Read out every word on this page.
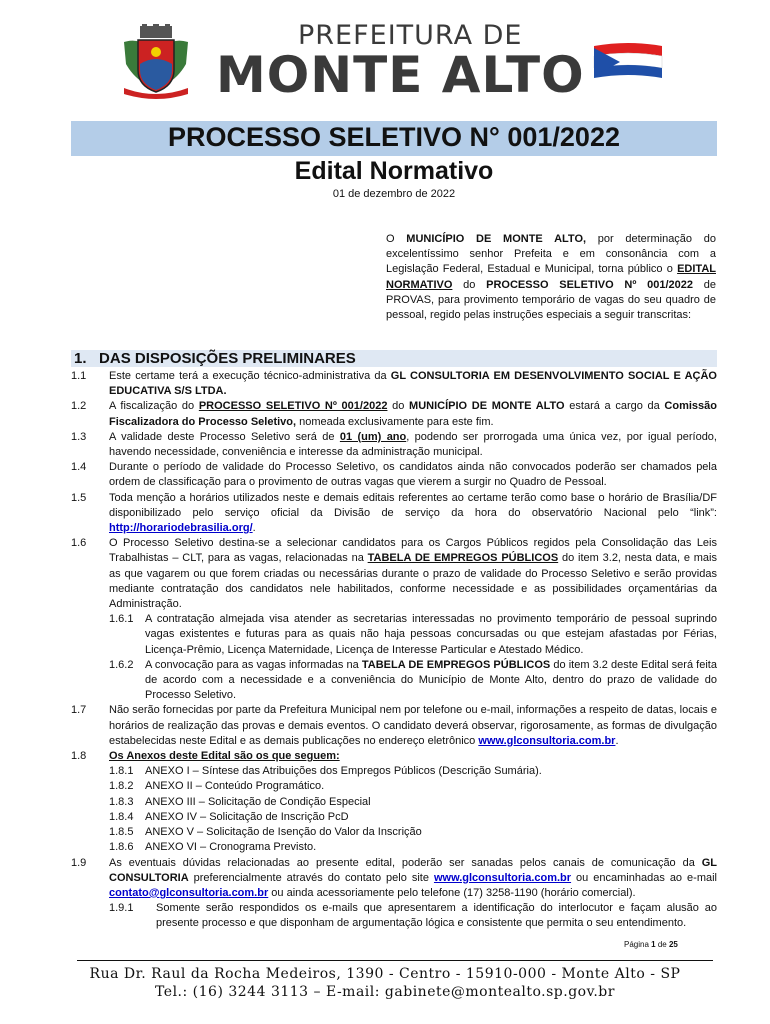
PREFEITURA DE
MONTE ALTO
PROCESSO SELETIVO N° 001/2022
Edital Normativo
01 de dezembro de 2022
O MUNICÍPIO DE MONTE ALTO, por determinação do excelentíssimo senhor Prefeita e em consonância com a Legislação Federal, Estadual e Municipal, torna público o EDITAL NORMATIVO do PROCESSO SELETIVO Nº 001/2022 de PROVAS, para provimento temporário de vagas do seu quadro de pessoal, regido pelas instruções especiais a seguir transcritas:
1. DAS DISPOSIÇÕES PRELIMINARES
1.1	Este certame terá a execução técnico-administrativa da GL CONSULTORIA EM DESENVOLVIMENTO SOCIAL E AÇÃO EDUCATIVA S/S LTDA.
1.2	A fiscalização do PROCESSO SELETIVO Nº 001/2022 do MUNICÍPIO DE MONTE ALTO estará a cargo da Comissão Fiscalizadora do Processo Seletivo, nomeada exclusivamente para este fim.
1.3	A validade deste Processo Seletivo será de 01 (um) ano, podendo ser prorrogada uma única vez, por igual período, havendo necessidade, conveniência e interesse da administração municipal.
1.4	Durante o período de validade do Processo Seletivo, os candidatos ainda não convocados poderão ser chamados pela ordem de classificação para o provimento de outras vagas que vierem a surgir no Quadro de Pessoal.
1.5	Toda menção a horários utilizados neste e demais editais referentes ao certame terão como base o horário de Brasília/DF disponibilizado pelo serviço oficial da Divisão de serviço da hora do observatório Nacional pelo “link”: http://horariodebrasilia.org/.
1.6	O Processo Seletivo destina-se a selecionar candidatos para os Cargos Públicos regidos pela Consolidação das Leis Trabalhistas – CLT, para as vagas, relacionadas na TABELA DE EMPREGOS PÚBLICOS do item 3.2, nesta data, e mais as que vagarem ou que forem criadas ou necessárias durante o prazo de validade do Processo Seletivo e serão providas mediante contratação dos candidatos nele habilitados, conforme necessidade e as possibilidades orçamentárias da Administração.
1.6.1	A contratação almejada visa atender as secretarias interessadas no provimento temporário de pessoal suprindo vagas existentes e futuras para as quais não haja pessoas concursadas ou que estejam afastadas por Férias, Licença-Prêmio, Licença Maternidade, Licença de Interesse Particular e Atestado Médico.
1.6.2	A convocação para as vagas informadas na TABELA DE EMPREGOS PÚBLICOS do item 3.2 deste Edital será feita de acordo com a necessidade e a conveniência do Município de Monte Alto, dentro do prazo de validade do Processo Seletivo.
1.7	Não serão fornecidas por parte da Prefeitura Municipal nem por telefone ou e-mail, informações a respeito de datas, locais e horários de realização das provas e demais eventos. O candidato deverá observar, rigorosamente, as formas de divulgação estabelecidas neste Edital e as demais publicações no endereço eletrônico www.glconsultoria.com.br.
1.8	Os Anexos deste Edital são os que seguem:
1.8.1	ANEXO I – Síntese das Atribuições dos Empregos Públicos (Descrição Sumária).
1.8.2	ANEXO II – Conteúdo Programático.
1.8.3	ANEXO III – Solicitação de Condição Especial
1.8.4	ANEXO IV – Solicitação de Inscrição PcD
1.8.5	ANEXO V – Solicitação de Isenção do Valor da Inscrição
1.8.6	ANEXO VI – Cronograma Previsto.
1.9	As eventuais dúvidas relacionadas ao presente edital, poderão ser sanadas pelos canais de comunicação da GL CONSULTORIA preferencialmente através do contato pelo site www.glconsultoria.com.br ou encaminhadas ao e-mail contato@glconsultoria.com.br ou ainda acessoriamente pelo telefone (17) 3258-1190 (horário comercial).
1.9.1	Somente serão respondidos os e-mails que apresentarem a identificação do interlocutor e façam alusão ao presente processo e que disponham de argumentação lógica e consistente que permita o seu entendimento.
Página 1 de 25
Rua Dr. Raul da Rocha Medeiros, 1390 - Centro - 15910-000 - Monte Alto - SP
Tel.: (16) 3244 3113 – E-mail: gabinete@montealto.sp.gov.br
